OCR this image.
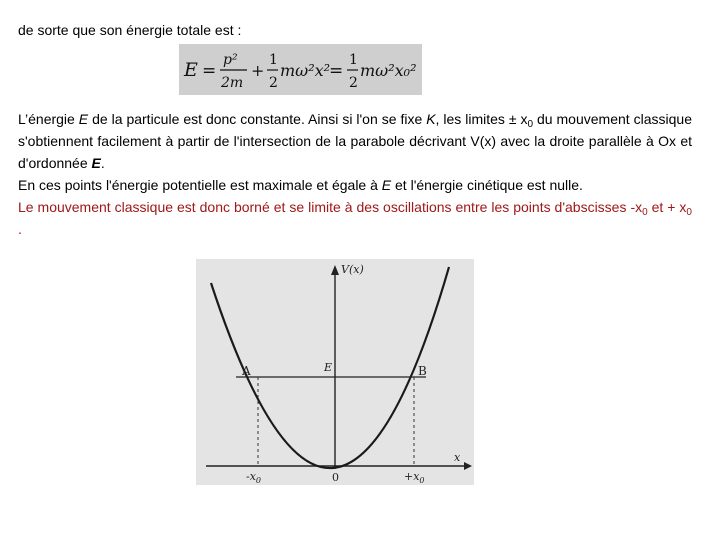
de sorte que son énergie totale est :
E =
p²
2m
+
1
2
mω²x²
=
1
2
mω²x₀²

L’énergie E de la particule est donc constante. Ainsi si l'on se fixe K, les limites ± $x_0$ du mouvement classique s'obtiennent facilement à partir de l'intersection de la parabole décrivant V(x) avec la droite parallèle à Ox et d'ordonnée E.

En ces points l'énergie potentielle est maximale et égale à E et l'énergie cinétique est nulle.

Le mouvement classique est donc borné et se limite à des oscillations entre les points d'abscisses $-x_0$ et + $x_0$ .

V(x)
x
A	B
E
0
$-x_0$	$+x_0$
